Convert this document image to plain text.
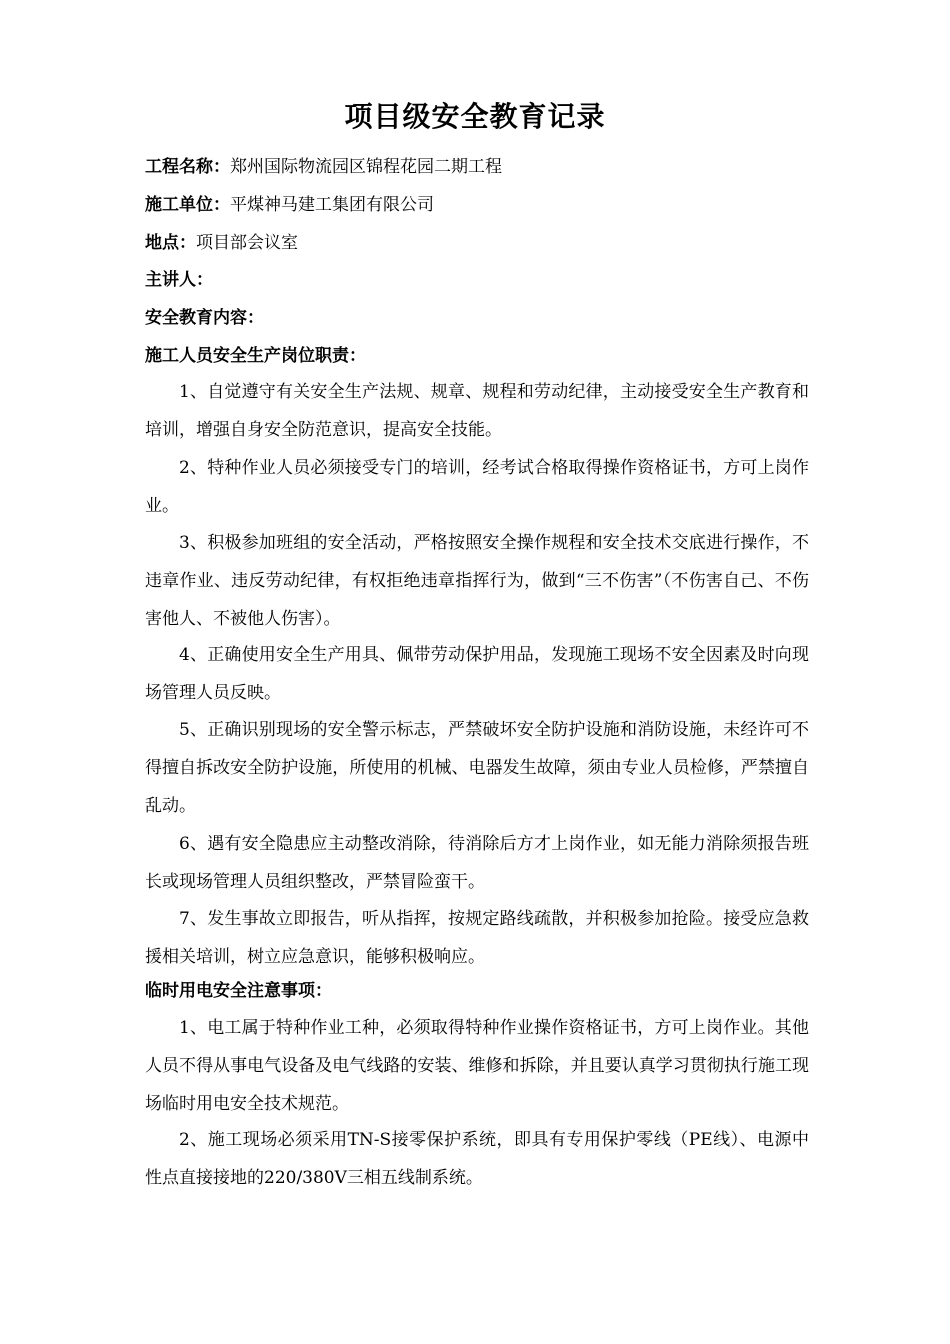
项目级安全教育记录
工程名称：郑州国际物流园区锦程花园二期工程
施工单位：平煤神马建工集团有限公司
地点：项目部会议室
主讲人：
安全教育内容：
施工人员安全生产岗位职责：

1、自觉遵守有关安全生产法规、规章、规程和劳动纪律，主动接受安全生产教育和培训，增强自身安全防范意识，提高安全技能。

2、特种作业人员必须接受专门的培训，经考试合格取得操作资格证书，方可上岗作业。

3、积极参加班组的安全活动，严格按照安全操作规程和安全技术交底进行操作，不违章作业、违反劳动纪律，有权拒绝违章指挥行为，做到“三不伤害”（不伤害自己、不伤害他人、不被他人伤害）。

4、正确使用安全生产用具、佩带劳动保护用品，发现施工现场不安全因素及时向现场管理人员反映。

5、正确识别现场的安全警示标志，严禁破坏安全防护设施和消防设施，未经许可不得擅自拆改安全防护设施，所使用的机械、电器发生故障，须由专业人员检修，严禁擅自乱动。

6、遇有安全隐患应主动整改消除，待消除后方才上岗作业，如无能力消除须报告班长或现场管理人员组织整改，严禁冒险蛮干。

7、发生事故立即报告，听从指挥，按规定路线疏散，并积极参加抢险。接受应急救援相关培训，树立应急意识，能够积极响应。

临时用电安全注意事项：

1、电工属于特种作业工种，必须取得特种作业操作资格证书，方可上岗作业。其他人员不得从事电气设备及电气线路的安装、维修和拆除，并且要认真学习贯彻执行施工现场临时用电安全技术规范。

2、施工现场必须采用TN-S接零保护系统，即具有专用保护零线（PE线）、电源中性点直接接地的220/380V三相五线制系统。
